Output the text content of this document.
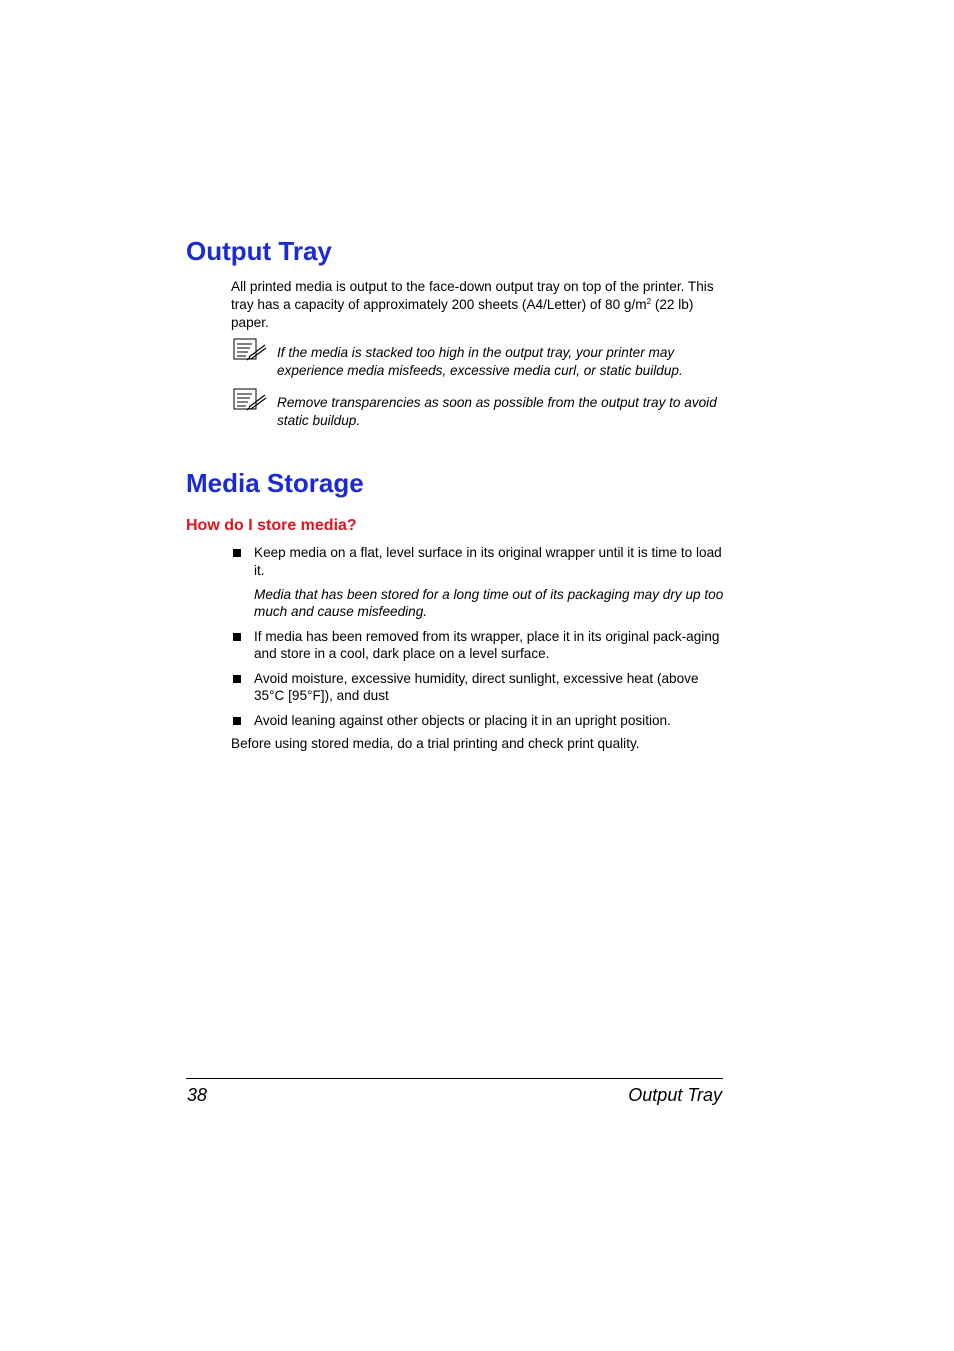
Output Tray

All printed media is output to the face-down output tray on top of the printer. This tray has a capacity of approximately 200 sheets (A4/Letter) of 80 $g/m^2$ (22 lb) paper.

If the media is stacked too high in the output tray, your printer may experience media misfeeds, excessive media curl, or static buildup.

Remove transparencies as soon as possible from the output tray to avoid static buildup.

Media Storage
How do I store media?
Keep media on a flat, level surface in its original wrapper until it is time to load it.
Media that has been stored for a long time out of its packaging may dry up too much and cause misfeeding.
If media has been removed from its wrapper, place it in its original pack-aging and store in a cool, dark place on a level surface.
Avoid moisture, excessive humidity, direct sunlight, excessive heat (above 35°C [95°F]), and dust
Avoid leaning against other objects or placing it in an upright position.

Before using stored media, do a trial printing and check print quality.

38	Output Tray
